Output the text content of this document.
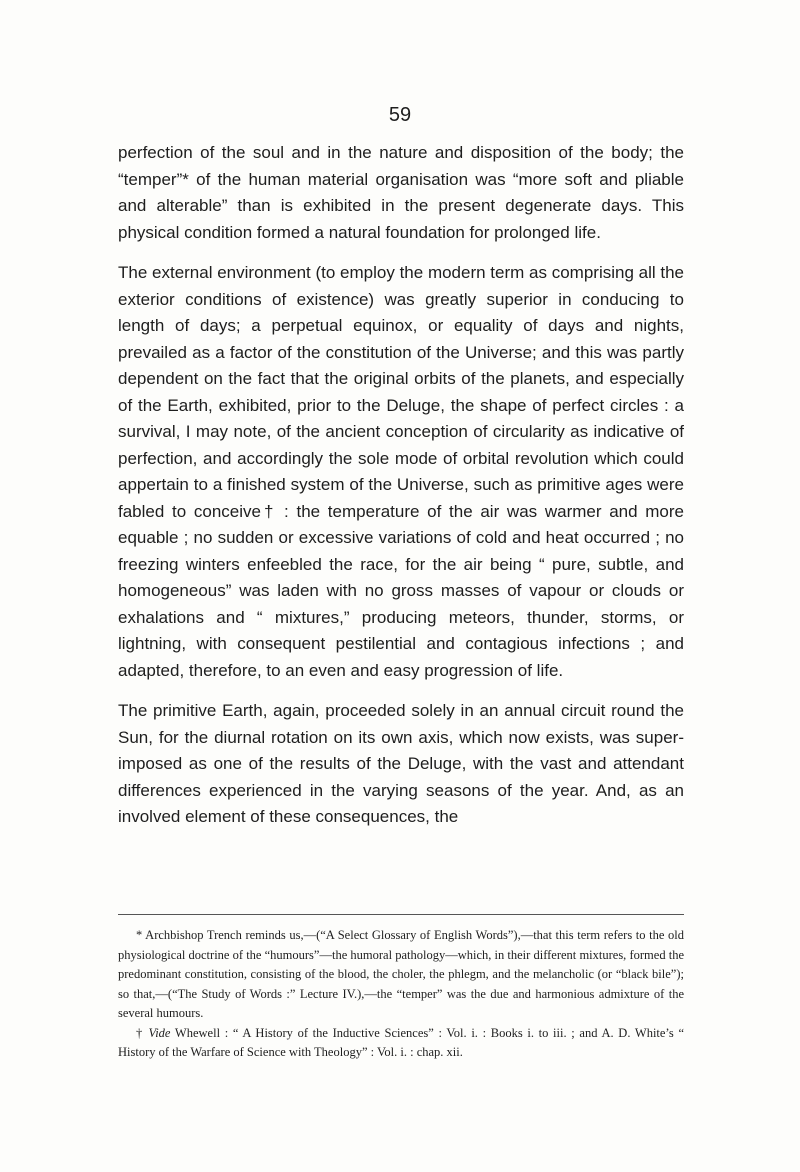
59

perfection of the soul and in the nature and disposition of the body; the “temper”* of the human material organisation was “more soft and pliable and alterable” than is exhibited in the present degenerate days. This physical condition formed a natural foundation for prolonged life.

The external environment (to employ the modern term as comprising all the exterior conditions of existence) was greatly superior in conducing to length of days; a perpetual equinox, or equality of days and nights, prevailed as a factor of the constitution of the Universe; and this was partly dependent on the fact that the original orbits of the planets, and especially of the Earth, exhibited, prior to the Deluge, the shape of perfect circles : a survival, I may note, of the ancient conception of circularity as indicative of perfection, and accordingly the sole mode of orbital revolution which could appertain to a finished system of the Universe, such as primitive ages were fabled to conceive† : the temperature of the air was warmer and more equable ; no sudden or excessive variations of cold and heat occurred ; no freezing winters enfeebled the race, for the air being “ pure, subtle, and homogeneous” was laden with no gross masses of vapour or clouds or exhalations and “ mixtures,” producing meteors, thunder, storms, or lightning, with consequent pestilential and contagious infections ; and adapted, therefore, to an even and easy progression of life.

The primitive Earth, again, proceeded solely in an annual circuit round the Sun, for the diurnal rotation on its own axis, which now exists, was super-imposed as one of the results of the Deluge, with the vast and attendant differences experienced in the varying seasons of the year. And, as an involved element of these consequences, the

* Archbishop Trench reminds us,—(“A Select Glossary of English Words”),—that this term refers to the old physiological doctrine of the “humours”—the humoral pathology—which, in their different mixtures, formed the predominant constitution, consisting of the blood, the choler, the phlegm, and the melancholic (or “black bile”); so that,—(“The Study of Words :” Lecture IV.),—the “temper” was the due and harmonious admixture of the several humours.

† Vide Whewell : “ A History of the Inductive Sciences” : Vol. i. : Books i. to iii. ; and A. D. White’s “ History of the Warfare of Science with Theology” : Vol. i. : chap. xii.
